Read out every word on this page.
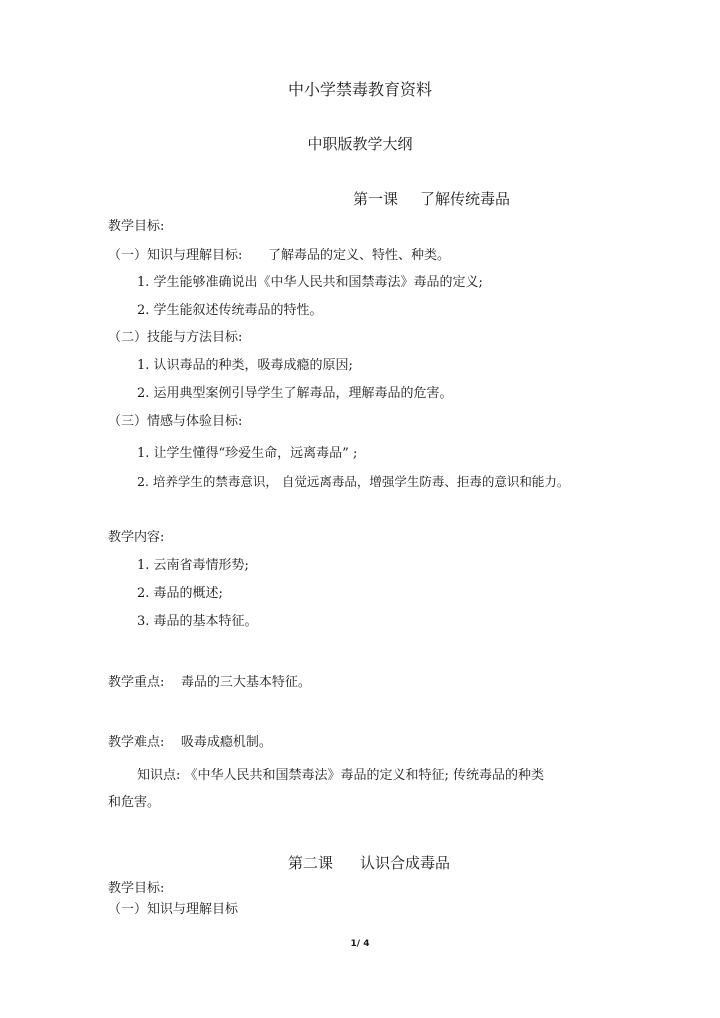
中小学禁毒教育资料
中职版教学大纲
第一课 了解传统毒品
教学目标:
（一）知识与理解目标: 了解毒品的定义、特性、种类。
1. 学生能够准确说出《中华人民共和国禁毒法》毒品的定义;
2. 学生能叙述传统毒品的特性。
（二）技能与方法目标:
1. 认识毒品的种类，吸毒成瘾的原因;
2. 运用典型案例引导学生了解毒品，理解毒品的危害。
（三）情感与体验目标:
1. 让学生懂得“珍爱生命，远离毒品” ;
2. 培养学生的禁毒意识， 自觉远离毒品，增强学生防毒、拒毒的意识和能力。
教学内容:
1. 云南省毒情形势;
2. 毒品的概述;
3. 毒品的基本特征。
教学重点:    毒品的三大基本特征。
教学难点:    吸毒成瘾机制。
知识点: 《中华人民共和国禁毒法》毒品的定义和特征; 传统毒品的种类
和危害。
第二课 认识合成毒品
教学目标:
（一）知识与理解目标
1/ 4
